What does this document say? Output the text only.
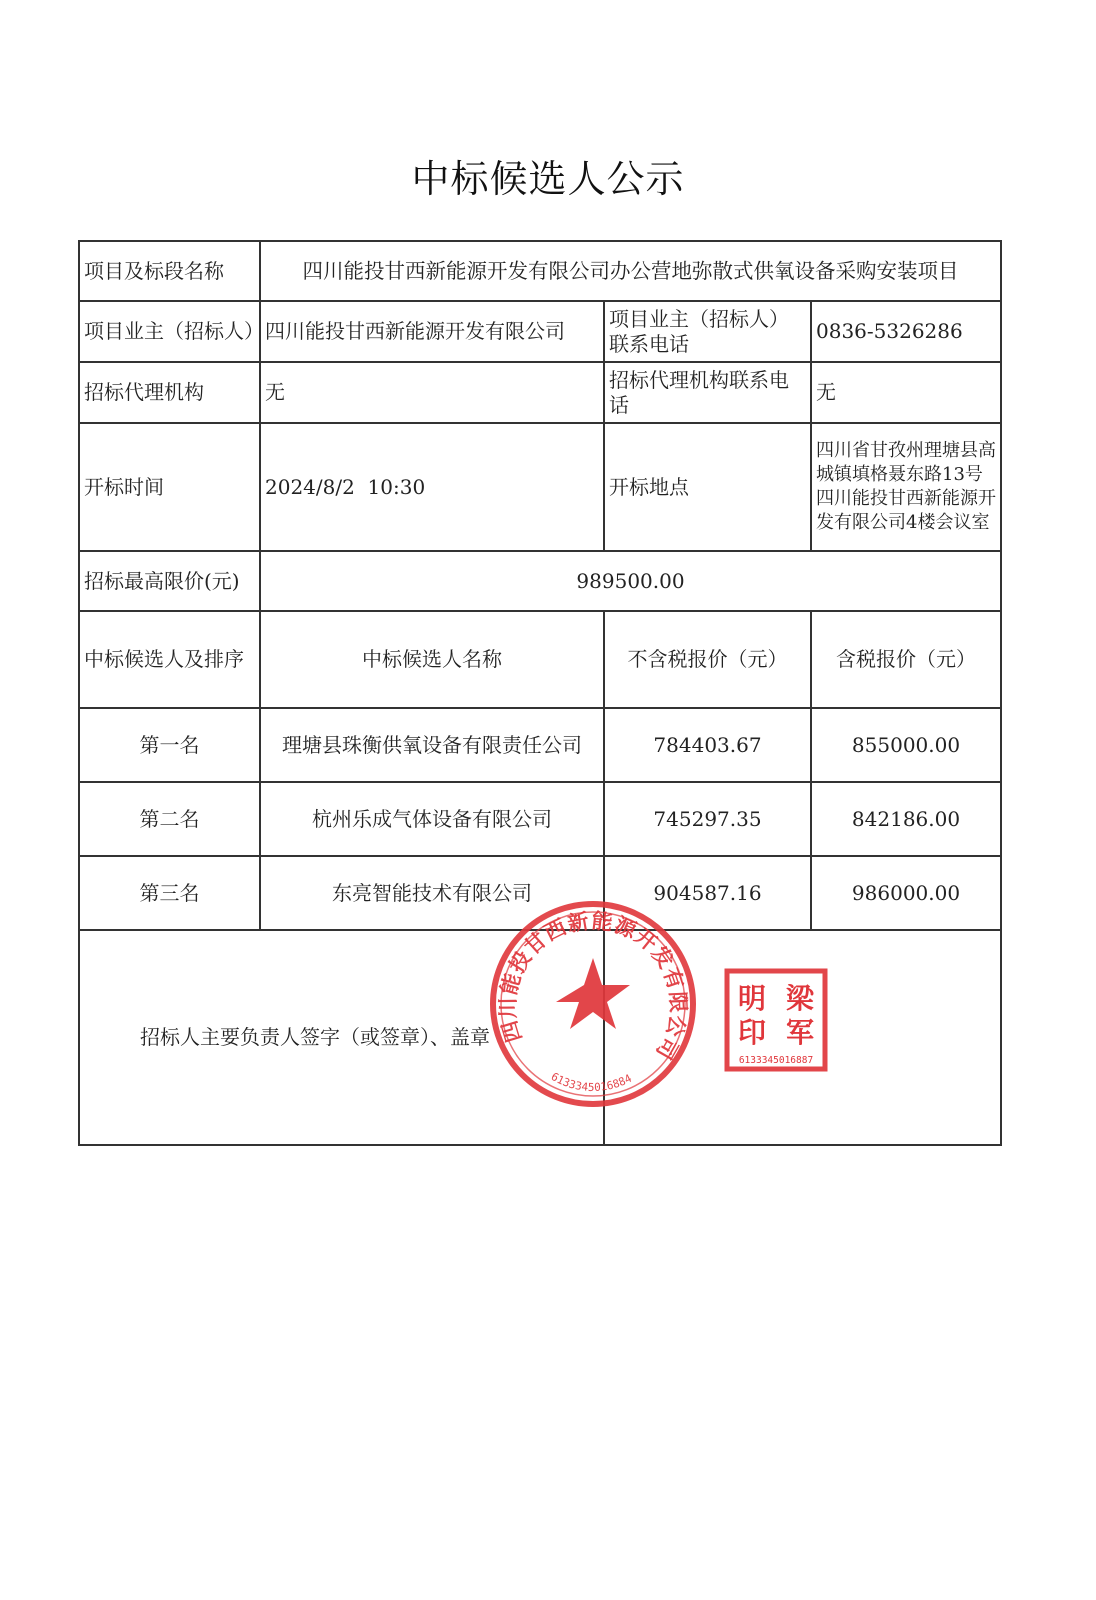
中标候选人公示
项目及标段名称	四川能投甘西新能源开发有限公司办公营地弥散式供氧设备采购安装项目		
项目业主（招标人）	四川能投甘西新能源开发有限公司	项目业主（招标人）联系电话	0836-5326286
招标代理机构	无	招标代理机构联系电话	无
开标时间	2024/8/2  10:30	开标地点	四川省甘孜州理塘县高城镇填格聂东路13号四川能投甘西新能源开发有限公司4楼会议室
招标最高限价(元)	989500.00		
中标候选人及排序	中标候选人名称	不含税报价（元）	含税报价（元）
第一名	理塘县珠衡供氧设备有限责任公司	784403.67	855000.00
第二名	杭州乐成气体设备有限公司	745297.35	842186.00
第三名	东亮智能技术有限公司	904587.16	986000.00
招标人主要负责人签字（或签章）、盖章			四川能投甘西新能源开发有限公司
6133345016884
梁
军
明
印
6133345016887
